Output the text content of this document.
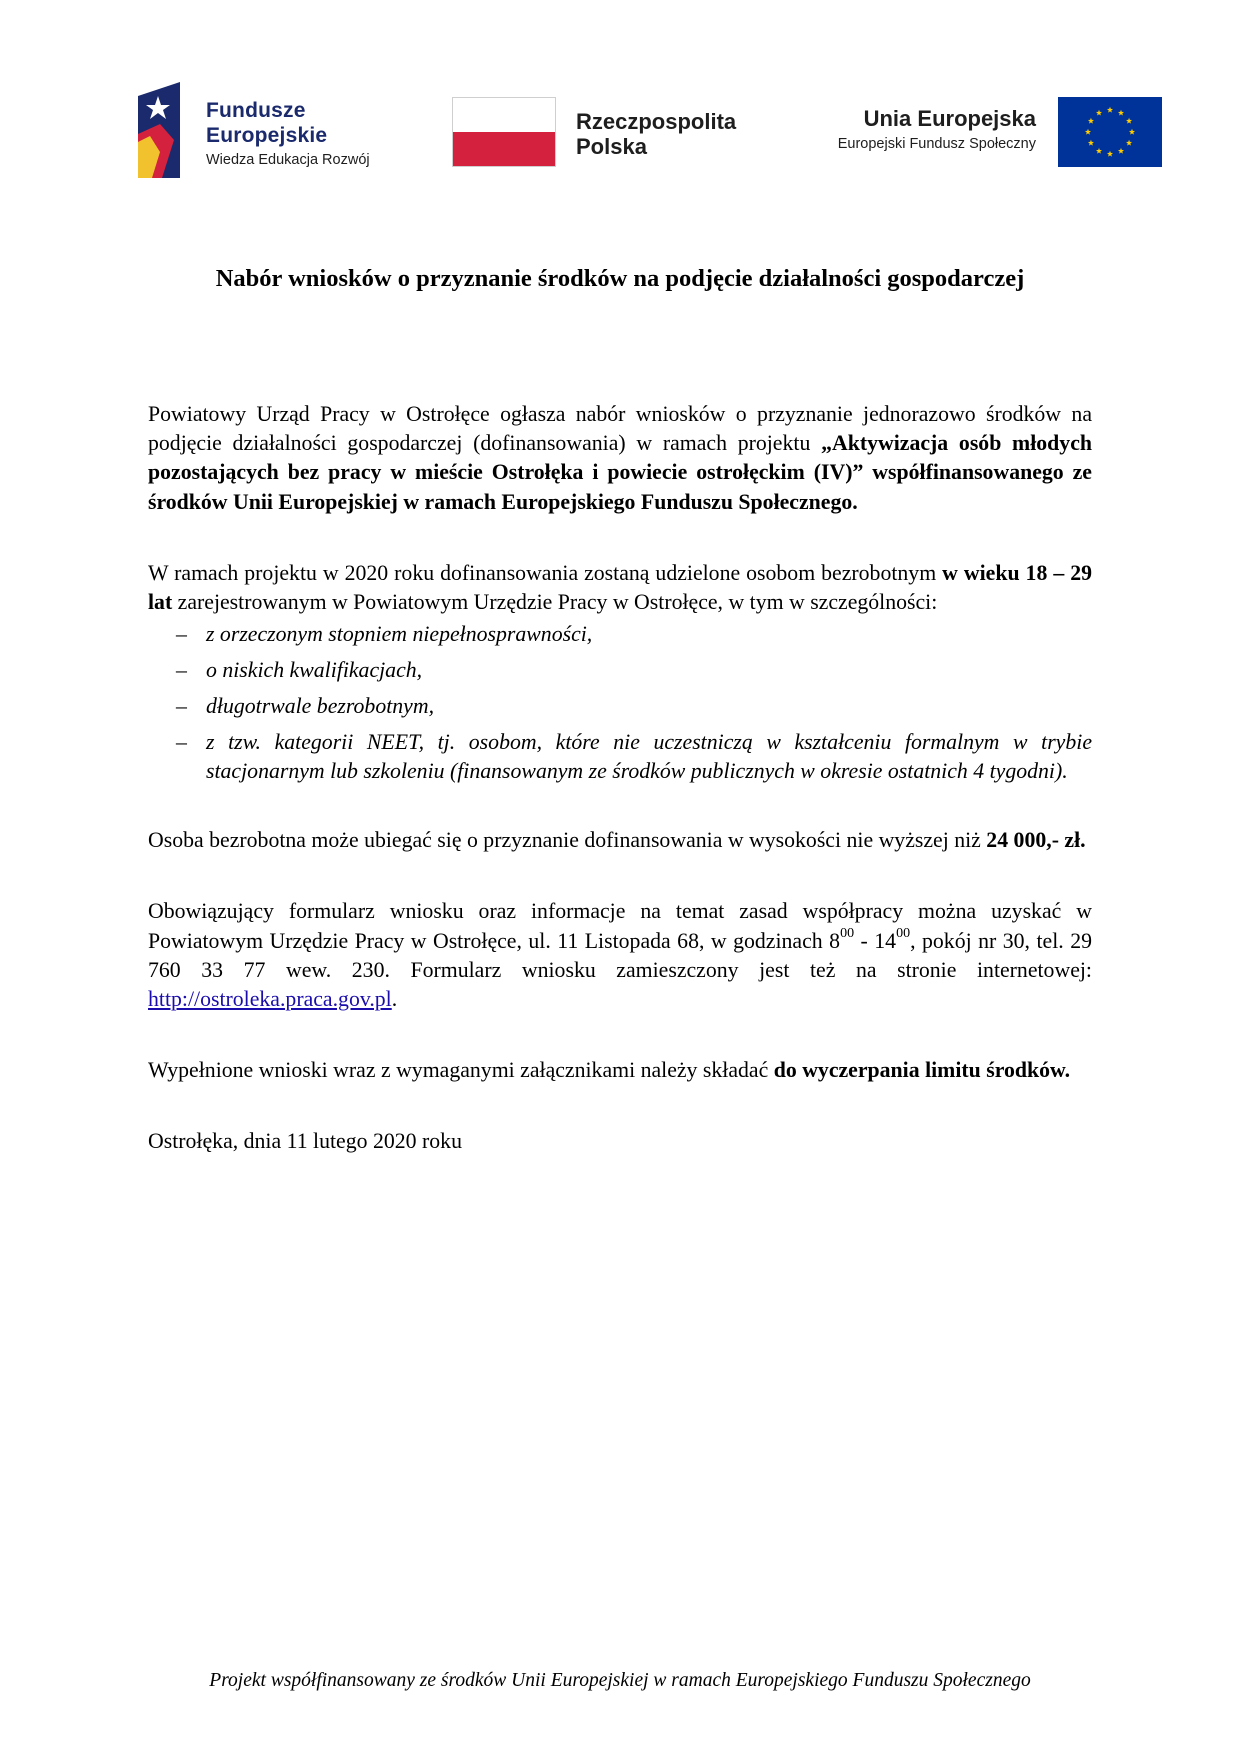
Fundusze
Europejskie
Wiedza Edukacja Rozwój
Rzeczpospolita
Polska
Unia Europejska
Europejski Fundusz Społeczny
Nabór wniosków o przyznanie środków na podjęcie działalności gospodarczej

Powiatowy Urząd Pracy w Ostrołęce ogłasza nabór wniosków o przyznanie jednorazowo środków na podjęcie działalności gospodarczej (dofinansowania) w ramach projektu „Aktywizacja osób młodych pozostających bez pracy w mieście Ostrołęka i powiecie ostrołęckim (IV)” współfinansowanego ze środków Unii Europejskiej w ramach Europejskiego Funduszu Społecznego.

W ramach projektu w 2020 roku dofinansowania zostaną udzielone osobom bezrobotnym w wieku 18 – 29 lat zarejestrowanym w Powiatowym Urzędzie Pracy w Ostrołęce, w tym w szczególności:

– z orzeczonym stopniem niepełnosprawności,
– o niskich kwalifikacjach,
– długotrwale bezrobotnym,
– z tzw. kategorii NEET, tj. osobom, które nie uczestniczą w kształceniu formalnym w trybie stacjonarnym lub szkoleniu (finansowanym ze środków publicznych w okresie ostatnich 4 tygodni).

Osoba bezrobotna może ubiegać się o przyznanie dofinansowania w wysokości nie wyższej niż 24 000,- zł.

Obowiązujący formularz wniosku oraz informacje na temat zasad współpracy można uzyskać w Powiatowym Urzędzie Pracy w Ostrołęce, ul. 11 Listopada 68, w godzinach $8^{00} - 14^{00}$, pokój nr 30, tel. 29 760 33 77 wew. 230. Formularz wniosku zamieszczony jest też na stronie internetowej: http://ostroleka.praca.gov.pl.

Wypełnione wnioski wraz z wymaganymi załącznikami należy składać do wyczerpania limitu środków.

Ostrołęka, dnia 11 lutego 2020 roku

Projekt współfinansowany ze środków Unii Europejskiej w ramach Europejskiego Funduszu Społecznego
